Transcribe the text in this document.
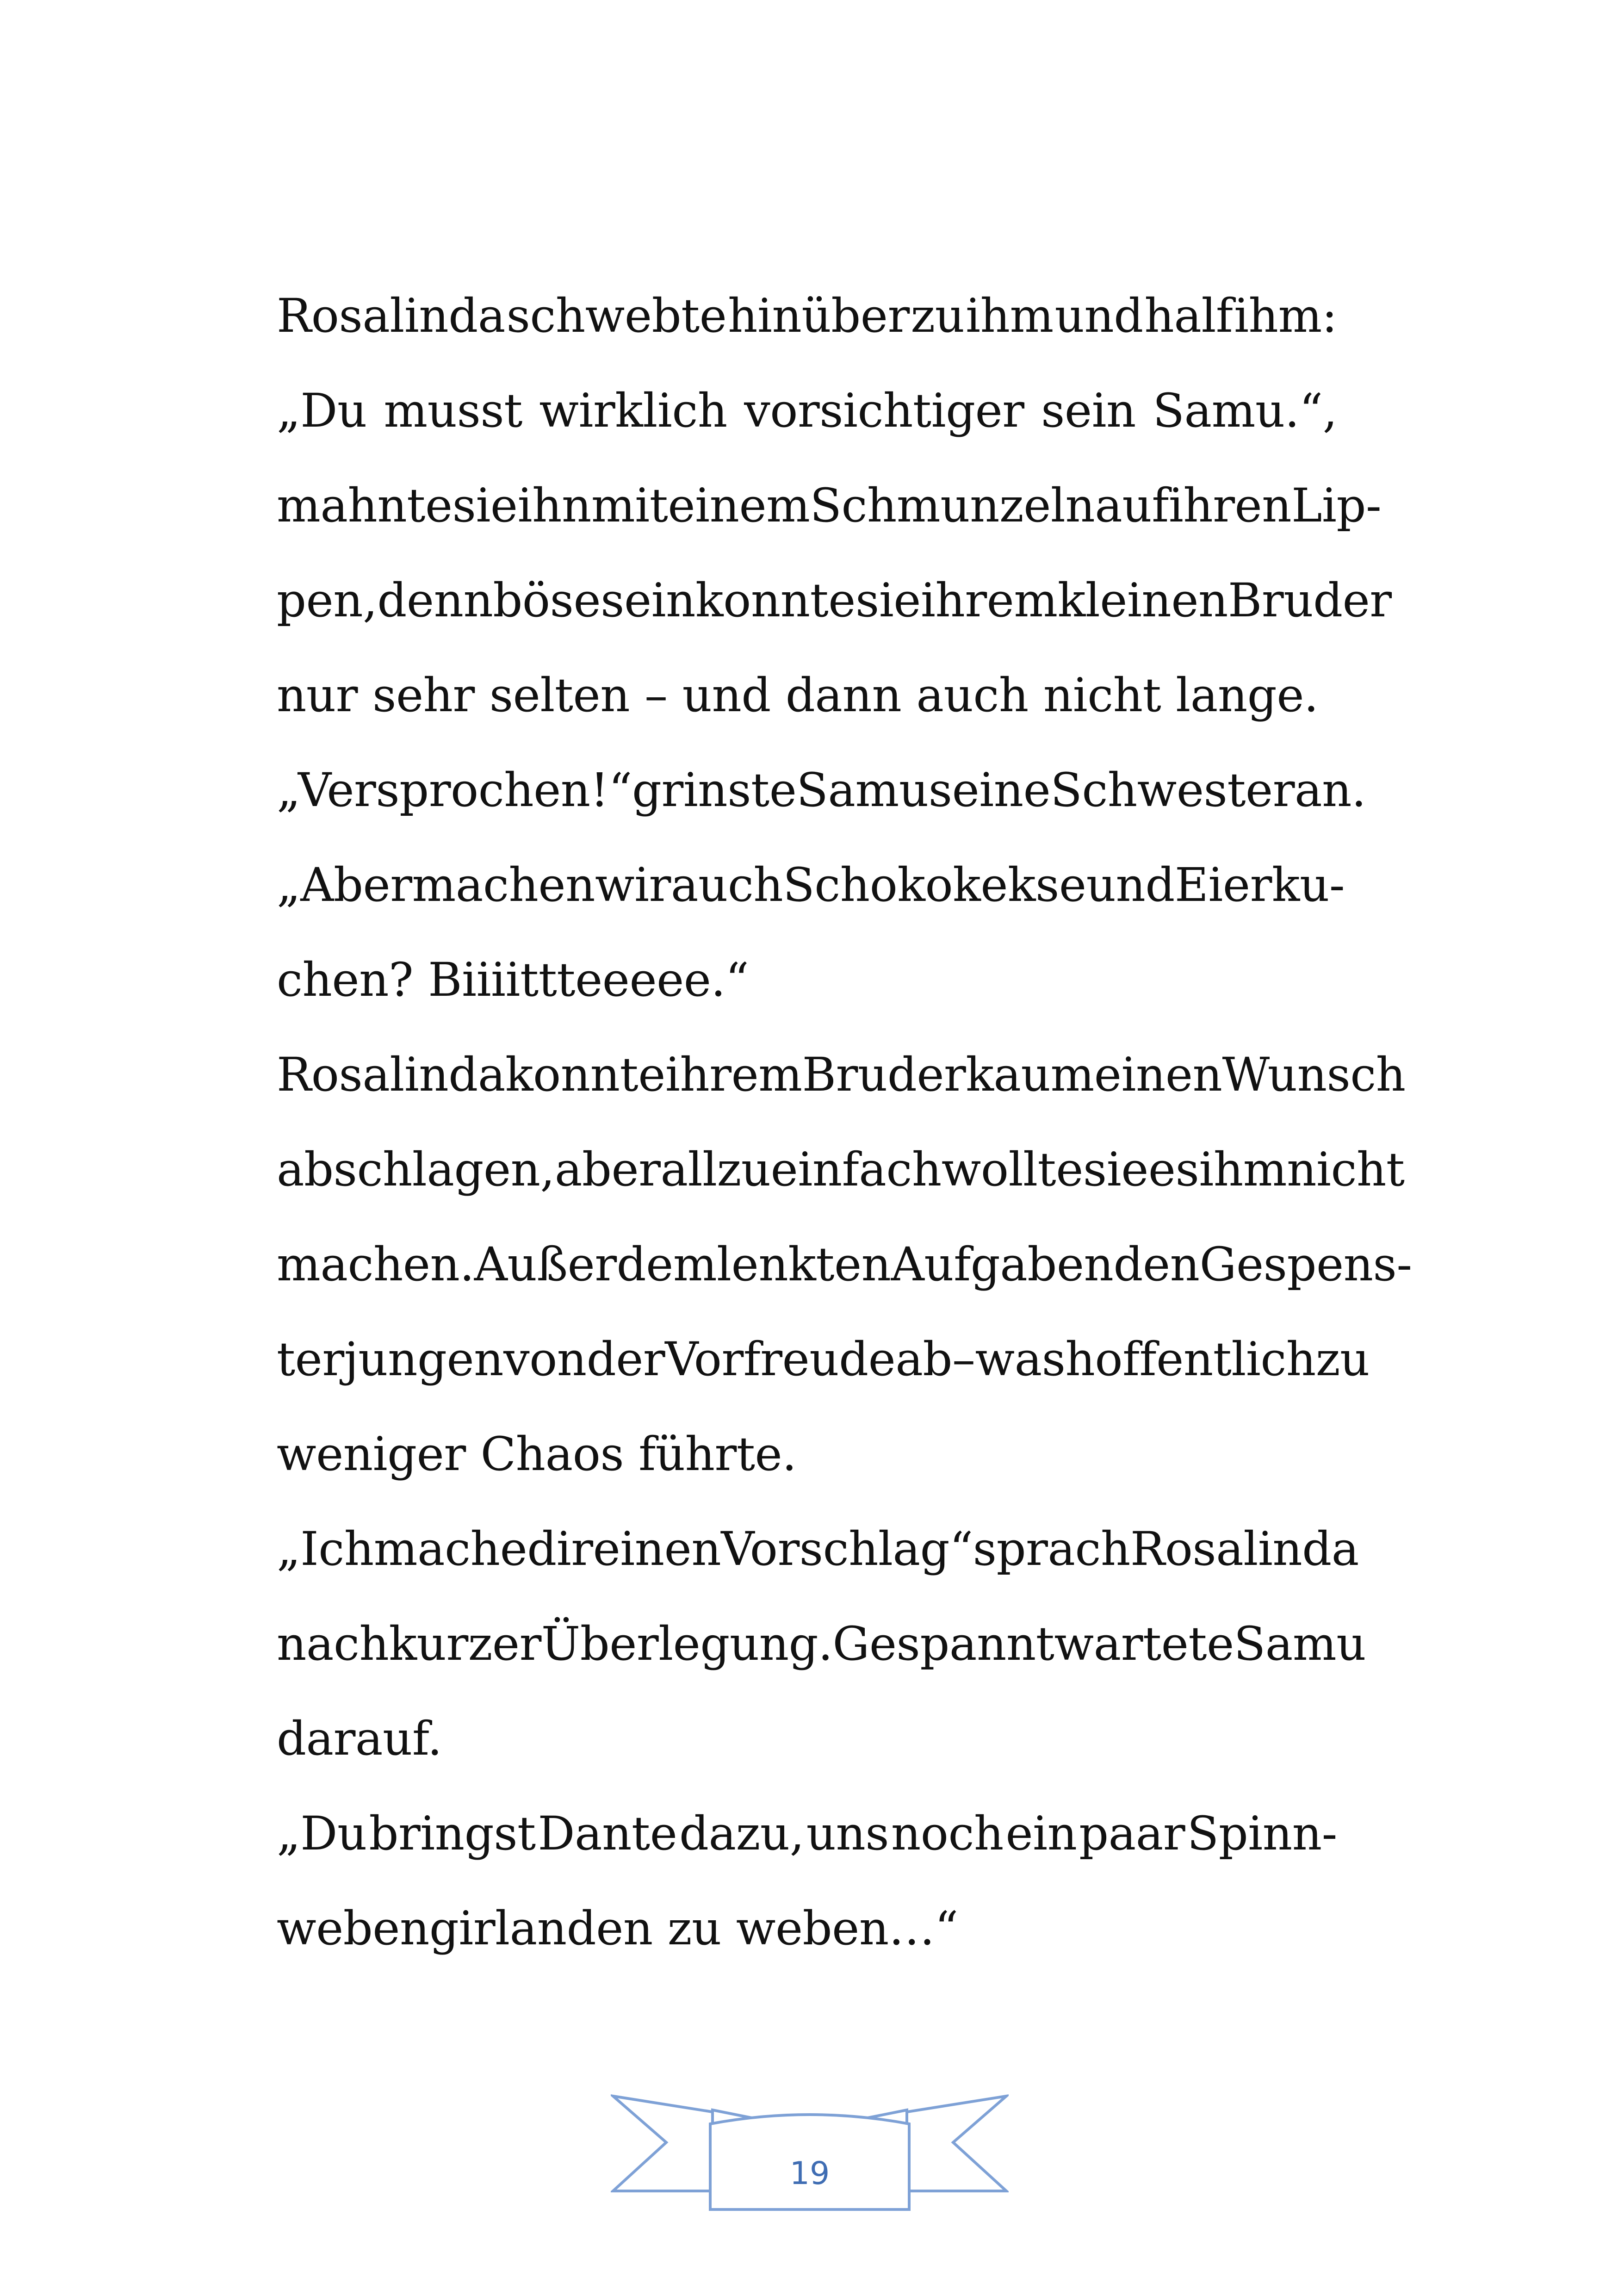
Rosalinda schwebte hinüber zu ihm und half ihm:
„Du musst wirklich vorsichtiger sein Samu.“,
mahnte sie ihn mit einem Schmunzeln auf ihren Lip-
pen, denn böse sein konnte sie ihrem kleinen Bruder
nur sehr selten – und dann auch nicht lange.
„Versprochen!“ grinste Samu seine Schwester an.
„Aber machen wir auch Schokokekse und Eierku-
chen? Biiiittteeeee.“
Rosalinda konnte ihrem Bruder kaum einen Wunsch
abschlagen, aber allzu einfach wollte sie es ihm nicht
machen. Außerdem lenkten Aufgaben den Gespens-
terjungen von der Vorfreude ab – was hoffentlich zu
weniger Chaos führte.
„Ich mache dir einen Vorschlag“ sprach Rosalinda
nach kurzer Überlegung. Gespannt wartete Samu
darauf.
„Du bringst Dante dazu, uns noch ein paar Spinn-
webengirlanden zu weben…“
19
